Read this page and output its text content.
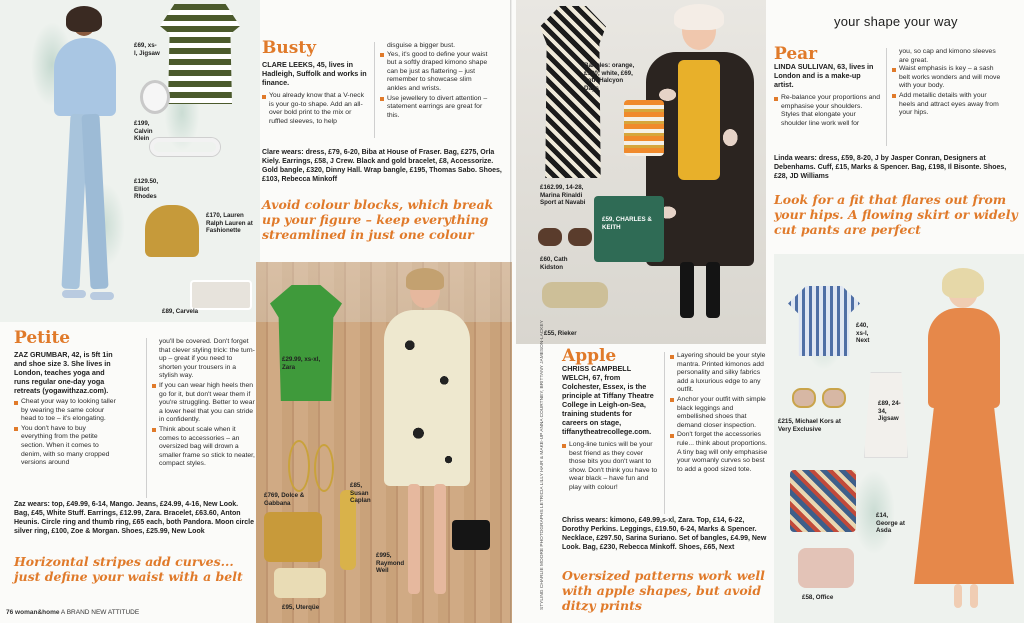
£69, xs-l, Jigsaw
£199, Calvin Klein
£129.50, Elliot Rhodes
£170, Lauren Ralph Lauren at Fashionette
£89, Carvela
Busty
CLARE LEEKS, 45, lives in Hadleigh, Suffolk and works in finance.
You already know that a V-neck is your go-to shape. Add an all-over bold print to the mix or ruffled sleeves, to help
disguise a bigger bust.
Yes, it's good to define your waist but a softly draped kimono shape can be just as flattering – just remember to showcase slim ankles and wrists.
Use jewellery to divert attention – statement earrings are great for this.
Clare wears: dress, £79, 6-20, Biba at House of Fraser. Bag, £275, Orla Kiely. Earrings, £58, J Crew. Black and gold bracelet, £8, Accessorize. Gold bangle, £320, Dinny Hall. Wrap bangle, £195, Thomas Sabo. Shoes, £103, Rebecca Minkoff
Avoid colour blocks, which break up your figure – keep everything streamlined in just one colour
£29.99, xs-xl, Zara
£85, Susan Caplan
£769, Dolce & Gabbana
£995, Raymond Weil
£95, Uterqüe
Petite
ZAZ GRUMBAR, 42, is 5ft 1in and shoe size 3. She lives in London, teaches yoga and runs regular one-day yoga retreats (yogawithzaz.com).
Cheat your way to looking taller by wearing the same colour head to toe – it's elongating.
You don't have to buy everything from the petite section. When it comes to denim, with so many cropped versions around
you'll be covered. Don't forget that clever styling trick: the turn-up – great if you need to shorten your trousers in a stylish way.
If you can wear high heels then go for it, but don't wear them if you're struggling. Better to wear a lower heel that you can stride in confidently.
Think about scale when it comes to accessories – an oversized bag will drown a smaller frame so stick to neater, compact styles.
Zaz wears: top, £49.99, 6-14, Mango. Jeans, £24.99, 4-16, New Look. Bag, £45, White Stuff. Earrings, £12.99, Zara. Bracelet, £63.60, Anton Heunis. Circle ring and thumb ring, £65 each, both Pandora. Moon circle silver ring, £100, Zoe & Morgan. Shoes, £25.99, New Look
Horizontal stripes add curves... just define your waist with a belt
76 woman&home A BRAND NEW ATTITUDE
Bangles: orange, £130; white, £69, both Halcyon Days
£162.99, 14-28, Marina Rinaldi Sport at Navabi
£59, CHARLES & KEITH
£60, Cath Kidston
£55, Rieker
your shape your way
Pear
LINDA SULLIVAN, 63, lives in London and is a make-up artist.
Re-balance your proportions and emphasise your shoulders. Styles that elongate your shoulder line work well for
you, so cap and kimono sleeves are great.
Waist emphasis is key – a sash belt works wonders and will move with your body.
Add metallic details with your heels and attract eyes away from your hips.
Linda wears: dress, £59, 8-20, J by Jasper Conran, Designers at Debenhams. Cuff, £15, Marks & Spencer. Bag, £198, Il Bisonte. Shoes, £28, JD Williams
Look for a fit that flares out from your hips. A flowing skirt or widely cut pants are perfect
£40, xs-l, Next
£215, Michael Kors at Very Exclusive
£89, 24-34, Jigsaw
£14, George at Asda
£58, Office
Apple
CHRISS CAMPBELL WELCH, 67, from Colchester, Essex, is the principle at Tiffany Theatre College in Leigh-on-Sea, training students for careers on stage, tiffanytheatrecollege.com.
Long-line tunics will be your best friend as they cover those bits you don't want to show. Don't think you have to wear black – have fun and play with colour!
Layering should be your style mantra. Printed kimonos add personality and silky fabrics add a luxurious edge to any outfit.
Anchor your outfit with simple black leggings and embellished shoes that demand closer inspection.
Don't forget the accessories rule... think about proportions. A tiny bag will only emphasise your womanly curves so best to add a good sized tote.
Chriss wears: kimono, £49.99,s-xl, Zara. Top, £14, 6-22, Dorothy Perkins. Leggings, £19.50, 6-24, Marks & Spencer. Necklace, £297.50, Sarina Suriano. Set of bangles, £4.99, New Look. Bag, £230, Rebecca Minkoff. Shoes, £65, Next
Oversized patterns work well with apple shapes, but avoid ditzy prints
STYLING CHARLIE MOORE PHOTOGRAPHS LETRICIA LILLY HAIR & MAKE-UP ANNA COURTNEY, BRITTANY JAMESON-LACKEY
